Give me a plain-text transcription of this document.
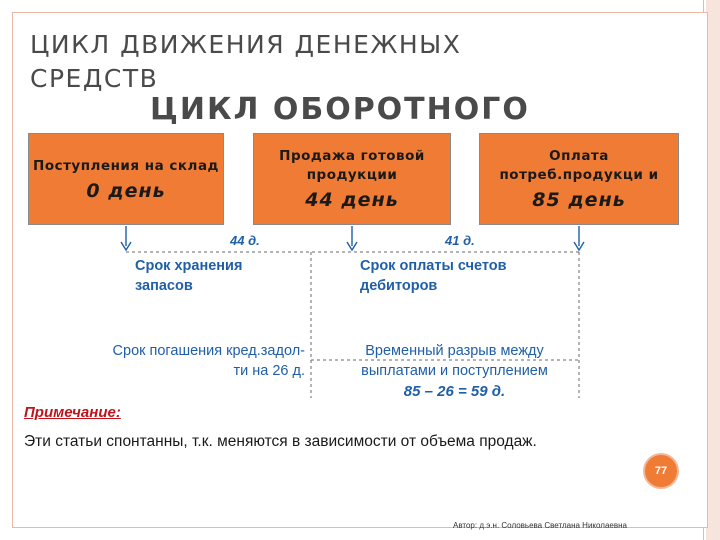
ЦИКЛ ДВИЖЕНИЯ ДЕНЕЖНЫХ СРЕДСТВ
ЦИКЛ ОБОРОТНОГО
Поступления на склад
0 день
Продажа готовой продукции
44 день
Оплата потреб.продукци и
85 день
44 д.	41 д.
Срок хранения запасов
Срок оплаты счетов дебиторов
Срок погашения кред.задол-ти на 26 д.
Временный разрыв между выплатами и поступлением
85 – 26 = 59 д.
Примечание:
Эти статьи спонтанны, т.к. меняются в зависимости от объема продаж.
77
Автор: д.э.н. Соловьева Светлана Николаевна
